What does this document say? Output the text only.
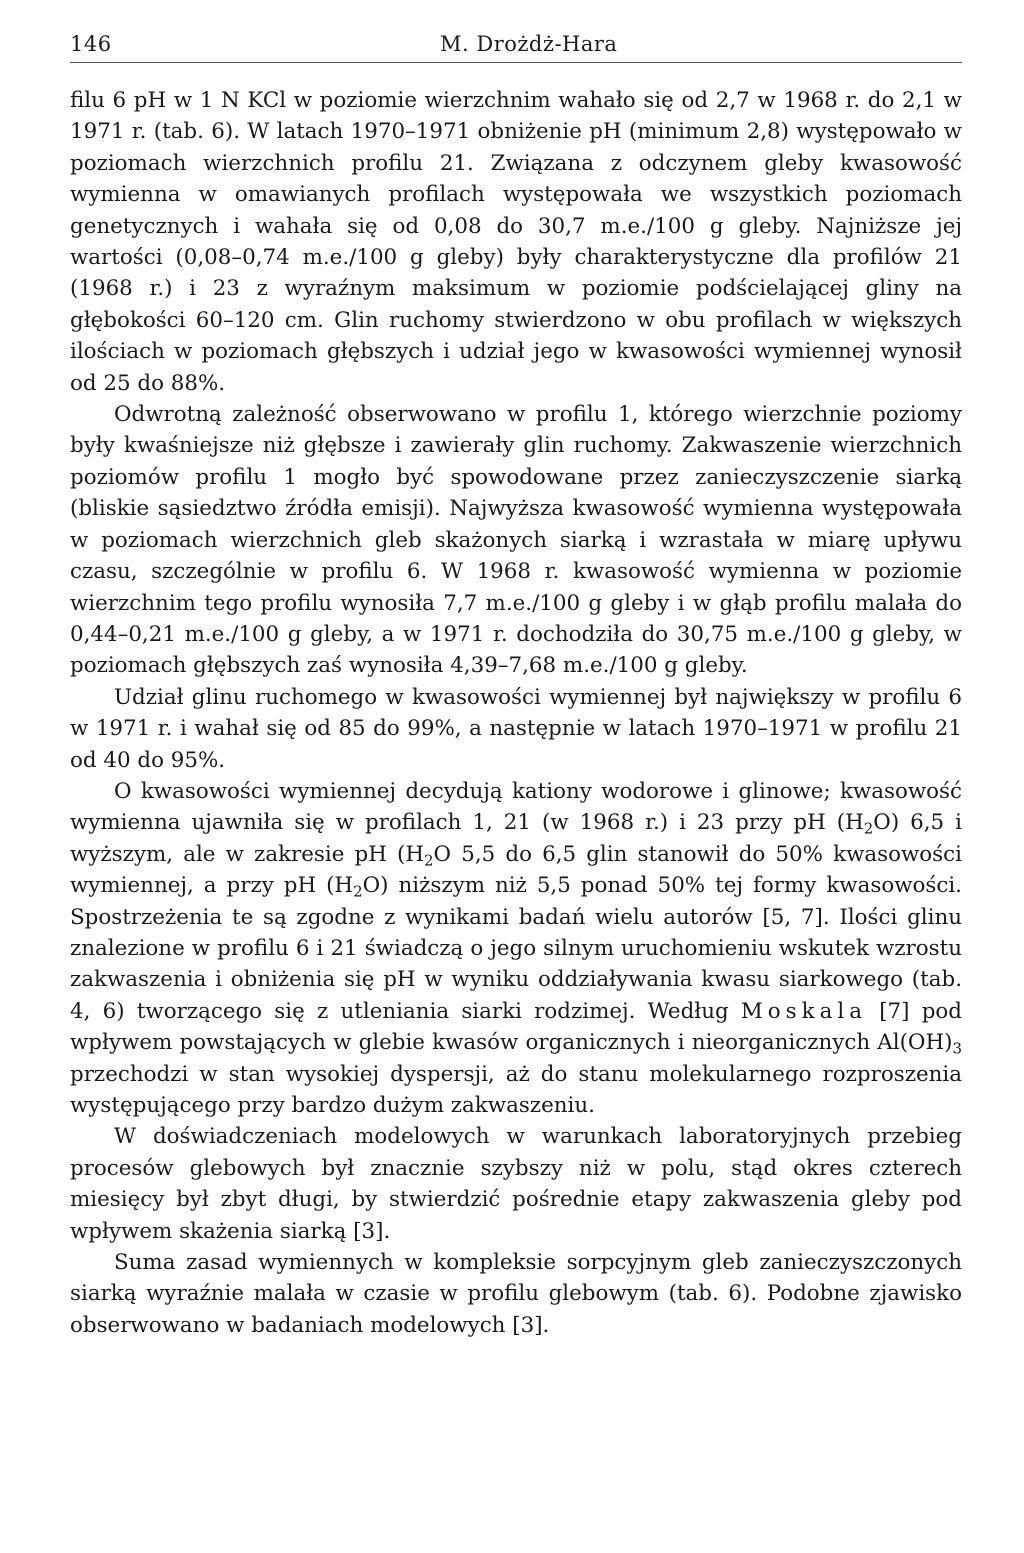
146	M. Drożdż-Hara

filu 6 pH w 1 N KCl w poziomie wierzchnim wahało się od 2,7 w 1968 r. do 2,1 w 1971 r. (tab. 6). W latach 1970–1971 obniżenie pH (minimum 2,8) występowało w poziomach wierzchnich profilu 21. Związana z odczynem gleby kwasowość wymienna w omawianych profilach występowała we wszystkich poziomach genetycznych i wahała się od 0,08 do 30,7 m.e./100 g gleby. Najniższe jej wartości (0,08–0,74 m.e./100 g gleby) były charakterystyczne dla profilów 21 (1968 r.) i 23 z wyraźnym maksimum w poziomie podścielającej gliny na głębokości 60–120 cm. Glin ruchomy stwierdzono w obu profilach w większych ilościach w poziomach głębszych i udział jego w kwasowości wymiennej wynosił od 25 do 88%.

Odwrotną zależność obserwowano w profilu 1, którego wierzchnie poziomy były kwaśniejsze niż głębsze i zawierały glin ruchomy. Zakwaszenie wierzchnich poziomów profilu 1 mogło być spowodowane przez zanieczyszczenie siarką (bliskie sąsiedztwo źródła emisji). Najwyższa kwasowość wymienna występowała w poziomach wierzchnich gleb skażonych siarką i wzrastała w miarę upływu czasu, szczególnie w profilu 6. W 1968 r. kwasowość wymienna w poziomie wierzchnim tego profilu wynosiła 7,7 m.e./100 g gleby i w głąb profilu malała do 0,44–0,21 m.e./100 g gleby, a w 1971 r. dochodziła do 30,75 m.e./100 g gleby, w poziomach głębszych zaś wynosiła 4,39–7,68 m.e./100 g gleby.

Udział glinu ruchomego w kwasowości wymiennej był największy w profilu 6 w 1971 r. i wahał się od 85 do 99%, a następnie w latach 1970–1971 w profilu 21 od 40 do 95%.

O kwasowości wymiennej decydują kationy wodorowe i glinowe; kwasowość wymienna ujawniła się w profilach 1, 21 (w 1968 r.) i 23 przy pH $(H_2O)$ 6,5 i wyższym, ale w zakresie pH ($H_2O$ 5,5 do 6,5 glin stanowił do 50% kwasowości wymiennej, a przy pH $(H_2O)$ niższym niż 5,5 ponad 50% tej formy kwasowości. Spostrzeżenia te są zgodne z wynikami badań wielu autorów [5, 7]. Ilości glinu znalezione w profilu 6 i 21 świadczą o jego silnym uruchomieniu wskutek wzrostu zakwaszenia i obniżenia się pH w wyniku oddziaływania kwasu siarkowego (tab. 4, 6) tworzącego się z utleniania siarki rodzimej. Według Moskala [7] pod wpływem powstających w glebie kwasów organicznych i nieorganicznych $Al(OH)_3$ przechodzi w stan wysokiej dyspersji, aż do stanu molekularnego rozproszenia występującego przy bardzo dużym zakwaszeniu.

W doświadczeniach modelowych w warunkach laboratoryjnych przebieg procesów glebowych był znacznie szybszy niż w polu, stąd okres czterech miesięcy był zbyt długi, by stwierdzić pośrednie etapy zakwaszenia gleby pod wpływem skażenia siarką [3].

Suma zasad wymiennych w kompleksie sorpcyjnym gleb zanieczyszczonych siarką wyraźnie malała w czasie w profilu glebowym (tab. 6). Podobne zjawisko obserwowano w badaniach modelowych [3].
